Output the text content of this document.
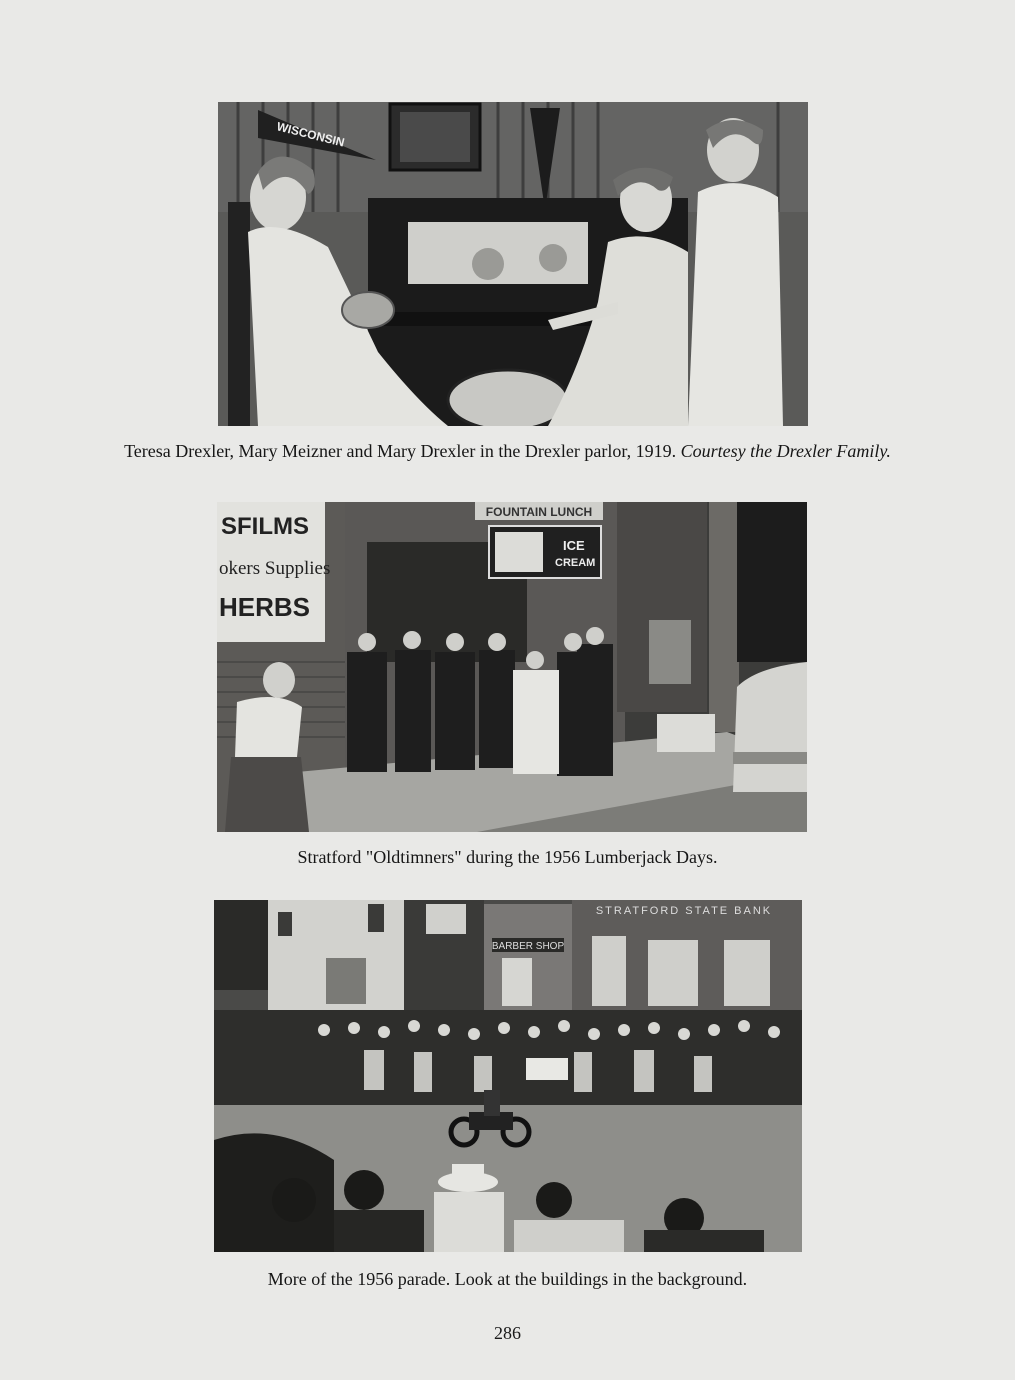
WISCONSIN
Teresa Drexler, Mary Meizner and Mary Drexler in the Drexler parlor, 1919. Courtesy the Drexler Family.
SFILMS
okers Supplies
HERBS
FOUNTAIN LUNCH
ICE
CREAM
Stratford "Oldtimners" during the 1956 Lumberjack Days.
BARBER SHOP
STRATFORD STATE BANK
More of the 1956 parade. Look at the buildings in the background.
286
